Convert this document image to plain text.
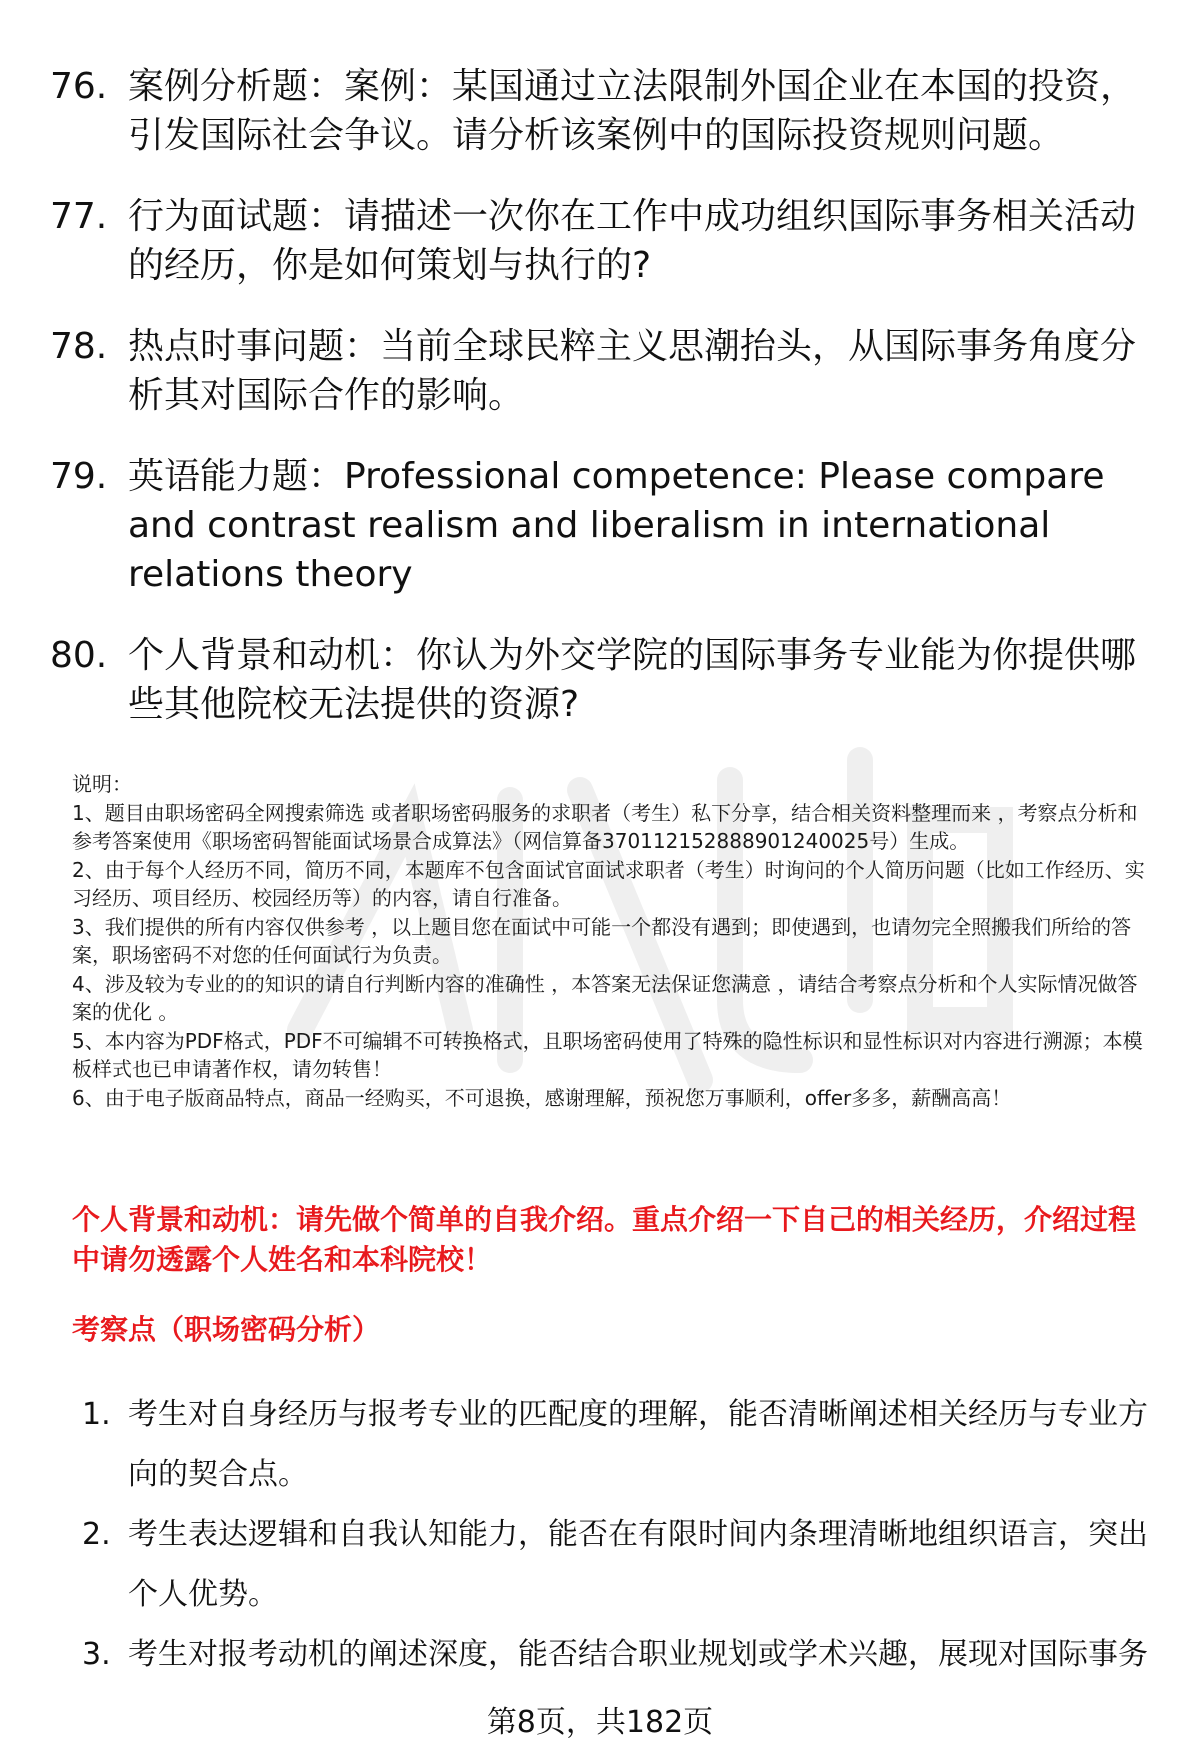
76. 案例分析题：案例：某国通过立法限制外国企业在本国的投资，引发国际社会争议。请分析该案例中的国际投资规则问题。
77. 行为面试题：请描述一次你在工作中成功组织国际事务相关活动的经历，你是如何策划与执行的?
78. 热点时事问题：当前全球民粹主义思潮抬头，从国际事务角度分析其对国际合作的影响。
79. 英语能力题：Professional competence: Please compare and contrast realism and liberalism in international relations theory
80. 个人背景和动机：你认为外交学院的国际事务专业能为你提供哪些其他院校无法提供的资源?

说明：

1、题目由职场密码全网搜索筛选 或者职场密码服务的求职者（考生）私下分享，结合相关资料整理而来 ，考察点分析和参考答案使用《职场密码智能面试场景合成算法》（网信算备370112152888901240025号）生成。

2、由于每个人经历不同，简历不同，本题库不包含面试官面试求职者（考生）时询问的个人简历问题（比如工作经历、实习经历、项目经历、校园经历等）的内容，请自行准备。

3、我们提供的所有内容仅供参考 ，以上题目您在面试中可能一个都没有遇到；即使遇到，也请勿完全照搬我们所给的答案，职场密码不对您的任何面试行为负责。

4、涉及较为专业的的知识的请自行判断内容的准确性 ，本答案无法保证您满意 ，请结合考察点分析和个人实际情况做答案的优化 。

5、本内容为PDF格式，PDF不可编辑不可转换格式，且职场密码使用了特殊的隐性标识和显性标识对内容进行溯源；本模板样式也已申请著作权，请勿转售！

6、由于电子版商品特点，商品一经购买，不可退换，感谢理解，预祝您万事顺利，offer多多，薪酬高高！

个人背景和动机：请先做个简单的自我介绍。重点介绍一下自己的相关经历，介绍过程中请勿透露个人姓名和本科院校！

考察点（职场密码分析）

1. 考生对自身经历与报考专业的匹配度的理解，能否清晰阐述相关经历与专业方向的契合点。
2. 考生表达逻辑和自我认知能力，能否在有限时间内条理清晰地组织语言，突出个人优势。
3. 考生对报考动机的阐述深度，能否结合职业规划或学术兴趣，展现对国际事务
第8页，共182页
